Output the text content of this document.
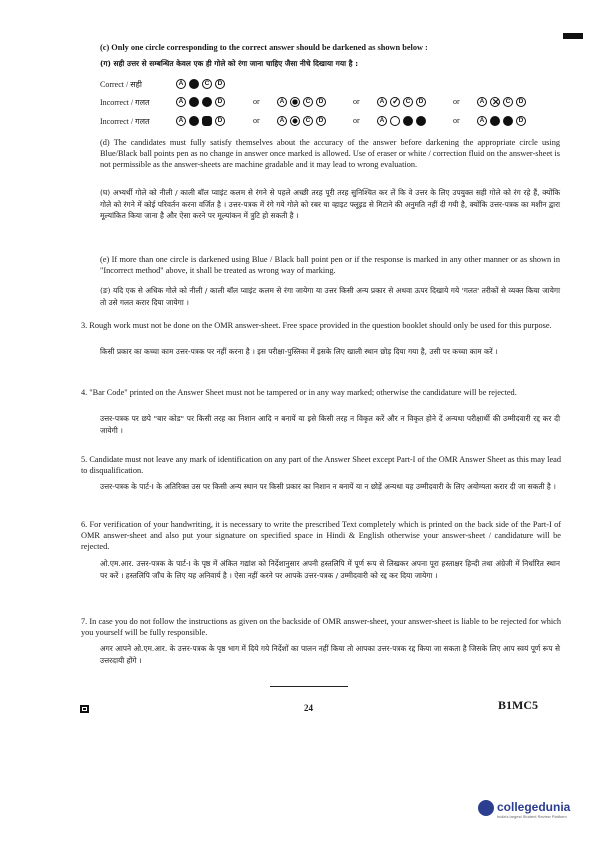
(c) Only one circle corresponding to the correct answer should be darkened as shown below :
(ग) सही उत्तर से सम्बन्धित केवल एक ही गोले को रंगा जाना चाहिए जैसा नीचे दिखाया गया है :
Correct / सही	A	C	D
Incorrect / गलत	A	D	or	A	C	D	or	A ✓ C	D	or	A ✕ C	D
Incorrect / गलत	A	D	or	A	C	D	or	A	or	A	D
(d) The candidates must fully satisfy themselves about the accuracy of the answer before darkening the appropriate circle using Blue/Black ball points pen as no change in answer once marked is allowed. Use of eraser or white / correction fluid on the answer-sheet is not permissible as the answer-sheets are machine gradable and it may lead to wrong evaluation.
(घ) अभ्यर्थी गोले को नीली / काली बॉल प्वाइंट कलम से रंगने से पहले अच्छी तरह पूरी तरह सुनिश्चित कर लें कि वे उत्तर के लिए उपयुक्त सही गोले को रंग रहे हैं, क्योंकि गोले को रंगने में कोई परिवर्तन करना वर्जित है । उत्तर-पत्रक में रंगे गये गोले को रबर या व्हाइट फ्लूइड से मिटाने की अनुमति नहीं दी गयी है, क्योंकि उत्तर-पत्रक का मशीन द्वारा मूल्यांकित किया जाना है और ऐसा करने पर मूल्यांकन में त्रुटि हो सकती है ।
(e) If more than one circle is darkened using Blue / Black ball point pen or if the response is marked in any other manner or as shown in "Incorrect method" above, it shall be treated as wrong way of marking.
(ङ) यदि एक से अधिक गोले को नीली / काली बॉल प्वाइंट कलम से रंगा जायेगा या उत्तर किसी अन्य प्रकार से अथवा ऊपर दिखाये गये 'गलत' तरीकों से व्यक्त किया जायेगा तो उसे गलत करार दिया जायेगा ।
3. Rough work must not be done on the OMR answer-sheet. Free space provided in the question booklet should only be used for this purpose.
किसी प्रकार का कच्चा काम उत्तर-पत्रक पर नहीं करना है । इस परीक्षा-पुस्तिका में इसके लिए खाली स्थान छोड़ दिया गया है, उसी पर कच्चा काम करें ।
4. "Bar Code" printed on the Answer Sheet must not be tampered or in any way marked; otherwise the candidature will be rejected.
उत्तर-पत्रक पर छपे "बार कोड" पर किसी तरह का निशान आदि न बनायें या इसे किसी तरह न विकृत करें और न विकृत होने दें अन्यथा परीक्षार्थी की उम्मीदवारी रद्द कर दी जायेगी ।
5. Candidate must not leave any mark of identification on any part of the Answer Sheet except Part-I of the OMR Answer Sheet as this may lead to disqualification.
उत्तर-पत्रक के पार्ट-I के अतिरिक्त उस पर किसी अन्य स्थान पर किसी प्रकार का निशान न बनायें या न छोड़ें अन्यथा यह उम्मीदवारी के लिए अयोग्यता करार दी जा सकती है ।
6. For verification of your handwriting, it is necessary to write the prescribed Text completely which is printed on the back side of the Part-I of OMR answer-sheet and also put your signature on specified space in Hindi & English otherwise your answer-sheet / candidature will be rejected.
ओ.एम.आर. उत्तर-पत्रक के पार्ट-I के पृष्ठ में अंकित गद्यांश को निर्देशानुसार अपनी हस्तलिपि में पूर्ण रूप से लिखकर अपना पूरा हस्ताक्षर हिन्दी तथा अंग्रेजी में निर्धारित स्थान पर करें । हस्तलिपि जाँच के लिए यह अनिवार्य है । ऐसा नहीं करने पर आपके उत्तर-पत्रक / उम्मीदवारी को रद्द कर दिया जायेगा ।
7. In case you do not follow the instructions as given on the backside of OMR answer-sheet, your answer-sheet is liable to be rejected for which you yourself will be fully responsible.
अगर आपने ओ.एम.आर. के उत्तर-पत्रक के पृष्ठ भाग में दिये गये निर्देशों का पालन नहीं किया तो आपका उत्तर-पत्रक रद्द किया जा सकता है जिसके लिए आप स्वयं पूर्ण रूप से उत्तरदायी होंगे ।
24	B1MC5
collegedunia
India's largest Student Review Platform
